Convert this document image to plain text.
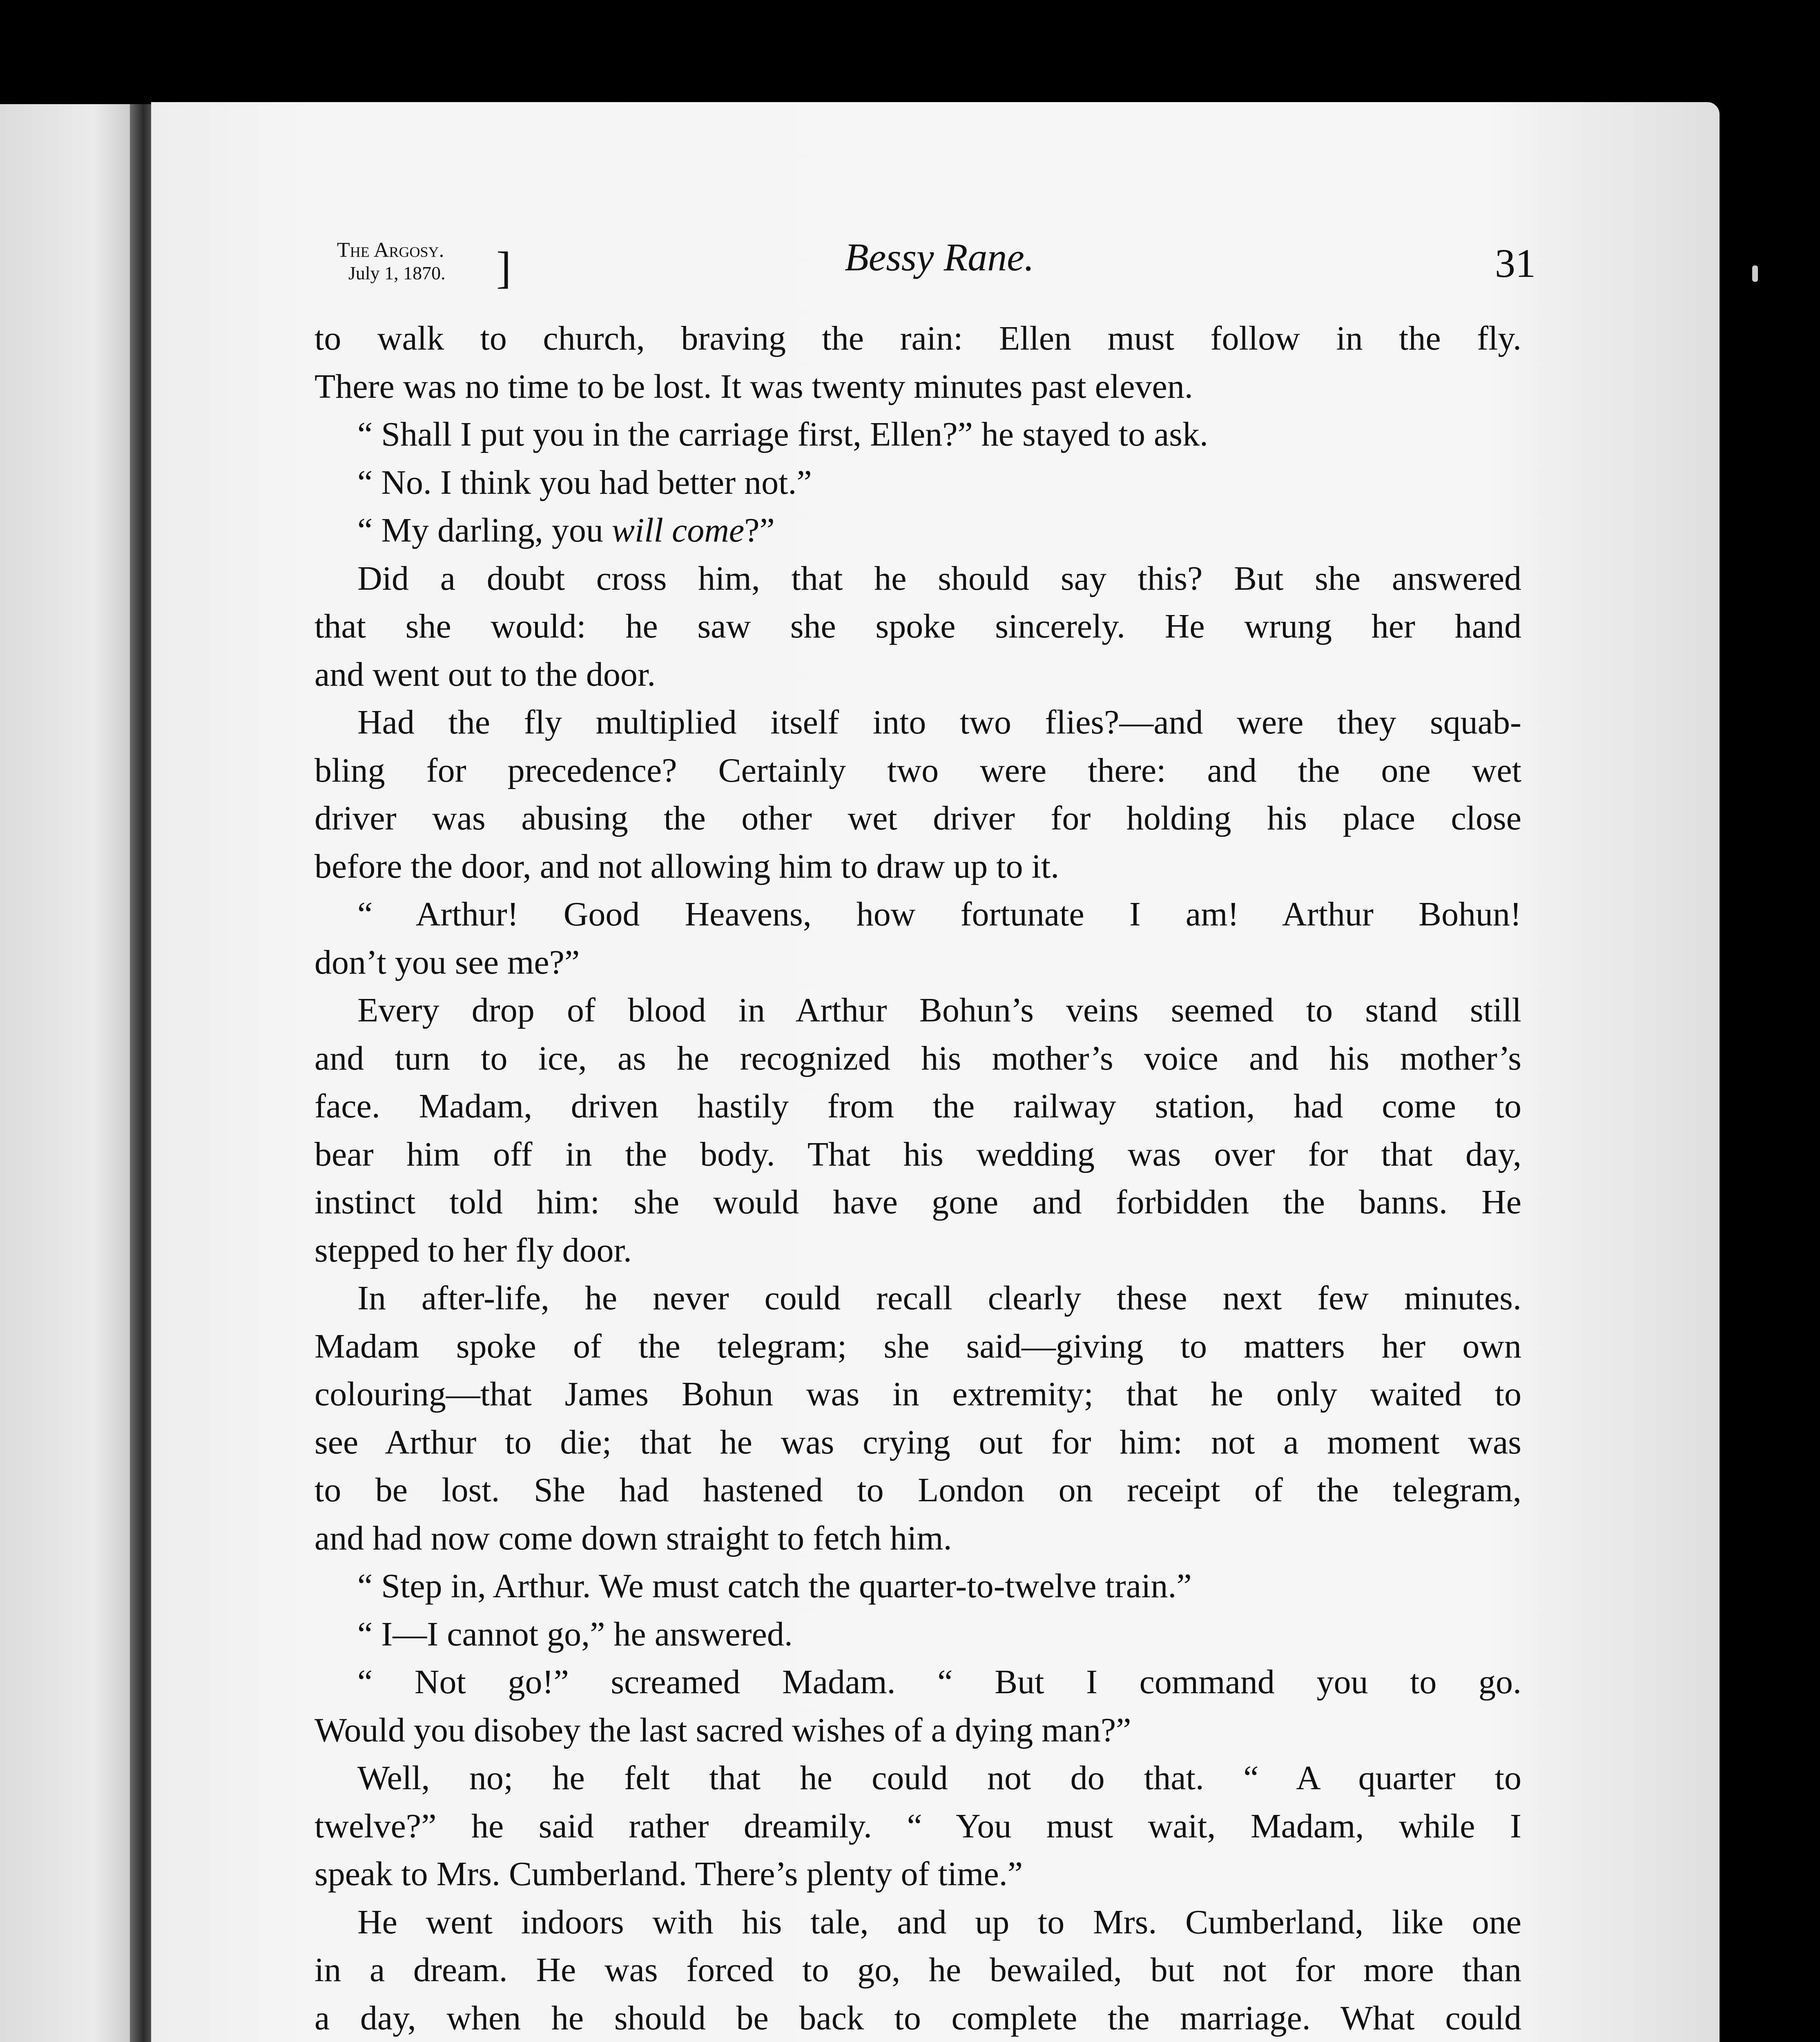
The Argosy.
July 1, 1870.	]	Bessy Rane.	31
to walk to church, braving the rain: Ellen must follow in the fly.
There was no time to be lost. It was twenty minutes past eleven.
“ Shall I put you in the carriage first, Ellen?” he stayed to ask.
“ No. I think you had better not.”
“ My darling, you will come?”
Did a doubt cross him, that he should say this? But she answered
that she would: he saw she spoke sincerely. He wrung her hand
and went out to the door.
Had the fly multiplied itself into two flies?—and were they squab-
bling for precedence? Certainly two were there: and the one wet
driver was abusing the other wet driver for holding his place close
before the door, and not allowing him to draw up to it.
“ Arthur! Good Heavens, how fortunate I am! Arthur Bohun!
don’t you see me?”
Every drop of blood in Arthur Bohun’s veins seemed to stand still
and turn to ice, as he recognized his mother’s voice and his mother’s
face. Madam, driven hastily from the railway station, had come to
bear him off in the body. That his wedding was over for that day,
instinct told him: she would have gone and forbidden the banns. He
stepped to her fly door.
In after-life, he never could recall clearly these next few minutes.
Madam spoke of the telegram; she said—giving to matters her own
colouring—that James Bohun was in extremity; that he only waited to
see Arthur to die; that he was crying out for him: not a moment was
to be lost. She had hastened to London on receipt of the telegram,
and had now come down straight to fetch him.
“ Step in, Arthur. We must catch the quarter-to-twelve train.”
“ I—I cannot go,” he answered.
“ Not go!” screamed Madam. “ But I command you to go.
Would you disobey the last sacred wishes of a dying man?”
Well, no; he felt that he could not do that. “ A quarter to
twelve?” he said rather dreamily. “ You must wait, Madam, while I
speak to Mrs. Cumberland. There’s plenty of time.”
He went indoors with his tale, and up to Mrs. Cumberland, like one
in a dream. He was forced to go, he bewailed, but not for more than
a day, when he should be back to complete the marriage. What could
